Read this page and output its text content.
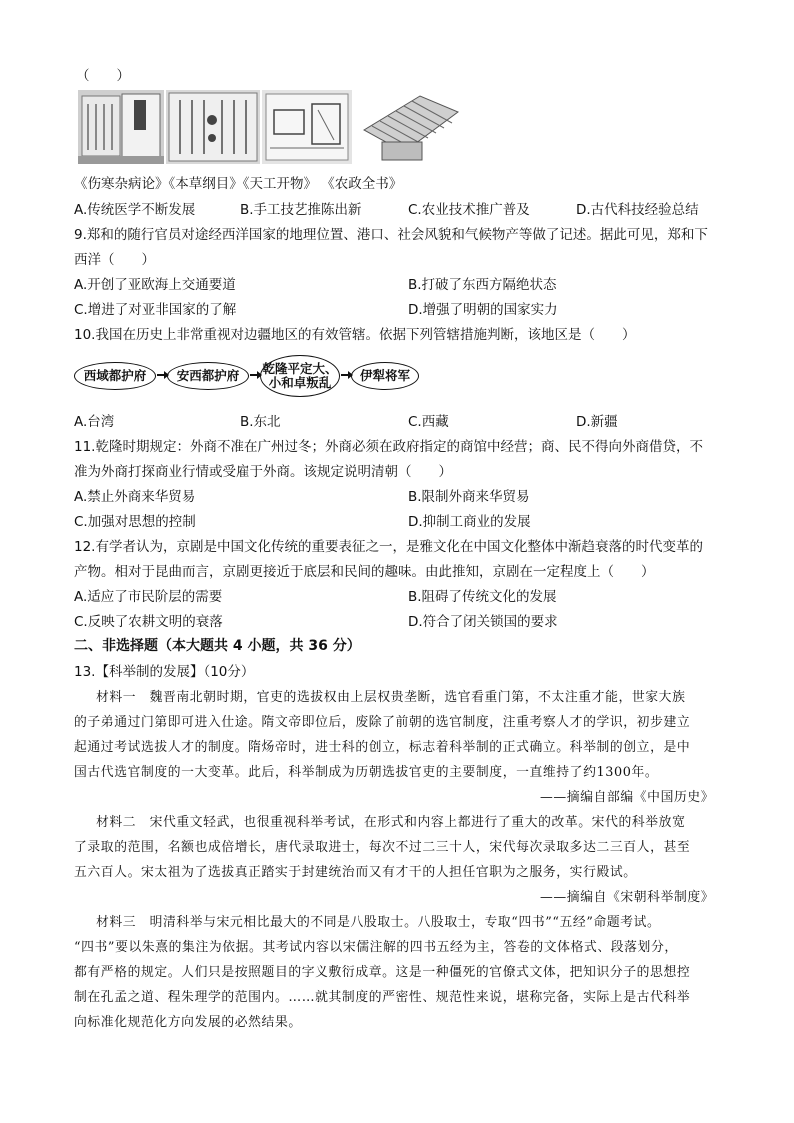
（　　）
《伤寒杂病论》《本草纲目》《天工开物》 《农政全书》
A.传统医学不断发展	B.手工技艺推陈出新	C.农业技术推广普及	D.古代科技经验总结
9.郑和的随行官员对途经西洋国家的地理位置、港口、社会风貌和气候物产等做了记述。据此可见，郑和下
西洋（　　）
A.开创了亚欧海上交通要道	B.打破了东西方隔绝状态
C.增进了对亚非国家的了解	D.增强了明朝的国家实力
10.我国在历史上非常重视对边疆地区的有效管辖。依据下列管辖措施判断，该地区是（　　）
西域都护府	安西都护府	乾隆平定大、
小和卓叛乱	伊犁将军
A.台湾	B.东北	C.西藏	D.新疆
11.乾隆时期规定：外商不准在广州过冬；外商必须在政府指定的商馆中经营；商、民不得向外商借贷，不
准为外商打探商业行情或受雇于外商。该规定说明清朝（　　）
A.禁止外商来华贸易	B.限制外商来华贸易
C.加强对思想的控制	D.抑制工商业的发展
12.有学者认为，京剧是中国文化传统的重要表征之一，是雅文化在中国文化整体中渐趋衰落的时代变革的
产物。相对于昆曲而言，京剧更接近于底层和民间的趣味。由此推知，京剧在一定程度上（　　）
A.适应了市民阶层的需要	B.阻碍了传统文化的发展
C.反映了农耕文明的衰落	D.符合了闭关锁国的要求
二、非选择题（本大题共 4 小题，共 36 分）
13.【科举制的发展】（10分）
材料一　魏晋南北朝时期，官吏的选拔权由上层权贵垄断，选官看重门第，不太注重才能，世家大族
的子弟通过门第即可进入仕途。隋文帝即位后，废除了前朝的选官制度，注重考察人才的学识，初步建立
起通过考试选拔人才的制度。隋炀帝时，进士科的创立，标志着科举制的正式确立。科举制的创立，是中
国古代选官制度的一大变革。此后，科举制成为历朝选拔官吏的主要制度，一直维持了约1300年。
——摘编自部编《中国历史》
材料二　宋代重文轻武，也很重视科举考试，在形式和内容上都进行了重大的改革。宋代的科举放宽
了录取的范围，名额也成倍增长，唐代录取进士，每次不过二三十人，宋代每次录取多达二三百人，甚至
五六百人。宋太祖为了选拔真正踏实于封建统治而又有才干的人担任官职为之服务，实行殿试。
——摘编自《宋朝科举制度》
材料三　明清科举与宋元相比最大的不同是八股取士。八股取士，专取“四书”“五经”命题考试。
“四书”要以朱熹的集注为依据。其考试内容以宋儒注解的四书五经为主，答卷的文体格式、段落划分，
都有严格的规定。人们只是按照题目的字义敷衍成章。这是一种僵死的官僚式文体，把知识分子的思想控
制在孔孟之道、程朱理学的范围内。……就其制度的严密性、规范性来说，堪称完备，实际上是古代科举
向标准化规范化方向发展的必然结果。
